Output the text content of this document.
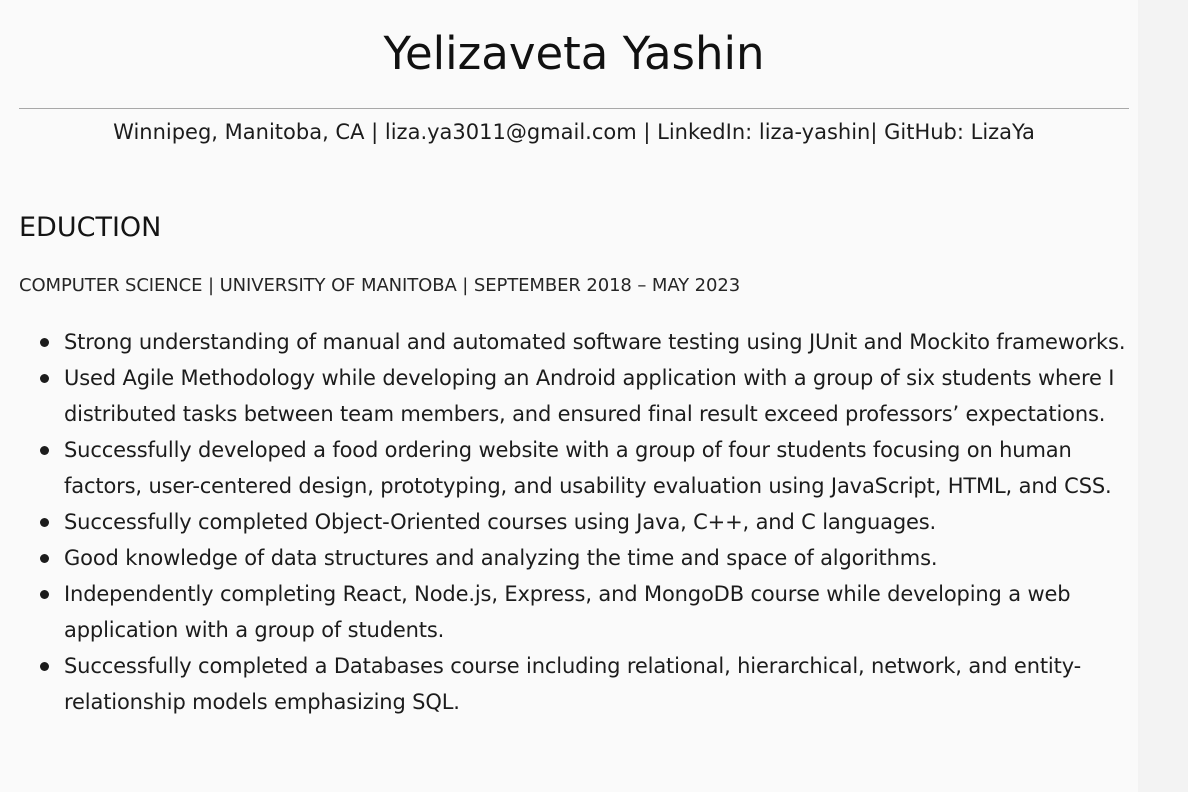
Yelizaveta Yashin
Winnipeg, Manitoba, CA | liza.ya3011@gmail.com | LinkedIn: liza-yashin| GitHub: LizaYa
EDUCTION
COMPUTER SCIENCE | UNIVERSITY OF MANITOBA | SEPTEMBER 2018 – MAY 2023
Strong understanding of manual and automated software testing using JUnit and Mockito frameworks.
Used Agile Methodology while developing an Android application with a group of six students where I distributed tasks between team members, and ensured final result exceed professors’ expectations.
Successfully developed a food ordering website with a group of four students focusing on human factors, user-centered design, prototyping, and usability evaluation using JavaScript, HTML, and CSS.
Successfully completed Object-Oriented courses using Java, C++, and C languages.
Good knowledge of data structures and analyzing the time and space of algorithms.
Independently completing React, Node.js, Express, and MongoDB course while developing a web application with a group of students.
Successfully completed a Databases course including relational, hierarchical, network, and entity-relationship models emphasizing SQL.
